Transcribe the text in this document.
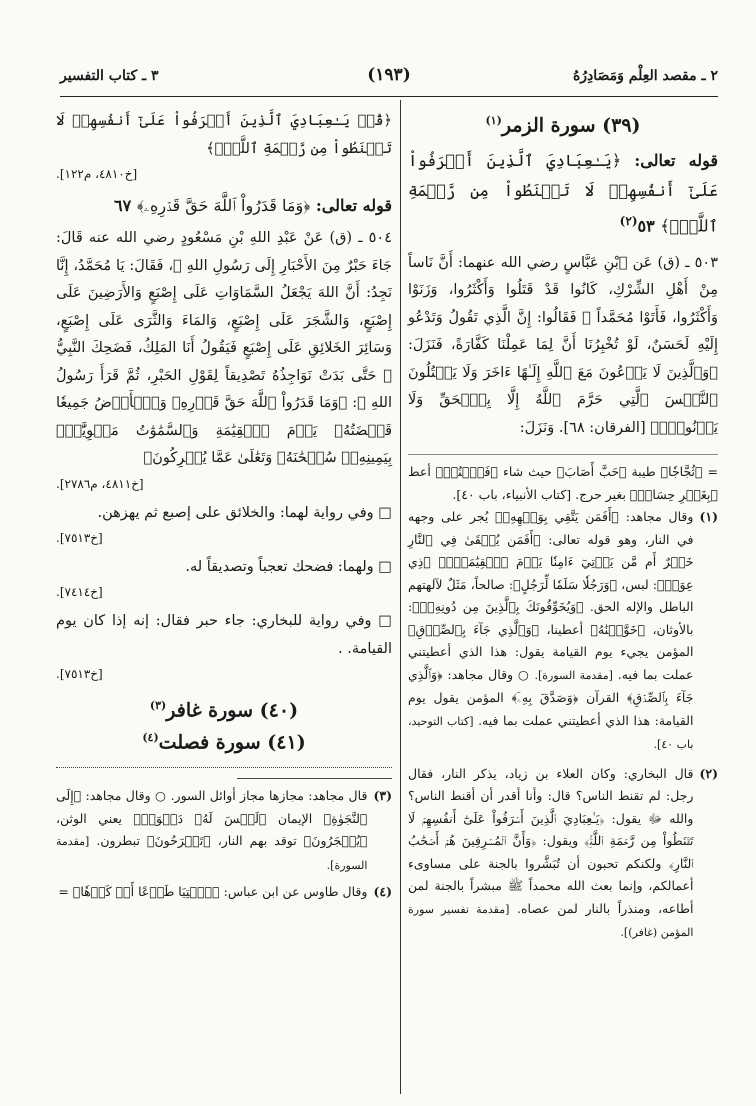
٢ ـ مقصد العِلْم وَمَصَادِرُهُ
(١٩٣)
٣ ـ كتاب التفسير
(٣٩) سورة الزمر$^{(١)}$
قوله تعالى: ﴿يَـٰعِبَادِيَ ٱلَّذِينَ أَسۡرَفُواْ عَلَىٰٓ أَنفُسِهِمۡ لَا تَقۡنَطُواْ مِن رَّحۡمَةِ ٱللَّهِۚ﴾ ٥٣$^{(٢)}$
٥٠٣ ـ (ق) عَن ٱبْنِ عَبَّاسٍ رضي الله عنهما: أَنَّ نَاساً مِنْ أَهْلِ الشِّرْكِ، كَانُوا قَدْ قَتَلُوا وَأَكْثَرُوا، وَزَنَوْا وَأَكْثَرُوا، فَأَتَوْا مُحَمَّداً ﷺ فَقَالُوا: إِنَّ الَّذِي تَقُولُ وَتَدْعُو إِلَيْهِ لَحَسَنٌ، لَوْ تُخْبِرُنَا أَنَّ لِمَا عَمِلْنَا كَفَّارَةً، فَنَزَلَ: ﴿وَٱلَّذِينَ لَا يَدۡعُونَ مَعَ ٱللَّهِ إِلَـٰهًا ءَاخَرَ وَلَا يَقۡتُلُونَ ٱلنَّفۡسَ ٱلَّتِي حَرَّمَ ٱللَّهُ إِلَّا بِٱلۡحَقِّ وَلَا يَزۡنُونَۚ﴾ [الفرقان: ٦٨]. وَنَزَلَ:
= ﴿ثُجَّاجٗا﴾ طيبة ﴿حَبَّ أَصَابَ﴾ حيث شاء ﴿فَٱمۡنُنۡ﴾ أعط ﴿بِغَيۡرِ حِسَابٖ﴾ بغير حرج. [كتاب الأنبياء، باب ٤٠].
(١)
وقال مجاهد: ﴿أَفَمَن يَتَّقِي بِوَجۡهِهِۦ﴾ يُجر على وجهه في النار، وهو قوله تعالى: ﴿أَفَمَن يُلۡقَىٰ فِي ٱلنَّارِ خَيۡرٌ أَم مَّن يَأۡتِيٓ ءَامِنٗا يَوۡمَ ٱلۡقِيَٰمَةِۚ﴾ ﴿ذِي عِوَجٖ﴾: لبس، ﴿وَرَجُلٗا سَلَمٗا لِّرَجُلٍ﴾: صالحاً، مَثَلٌ لآلهتهم الباطل والإله الحق. ﴿وَيُخَوِّفُونَكَ بِٱلَّذِينَ مِن دُونِهِۦۚ﴾: بالأوثان، ﴿خَوَّلۡنَٰهُ﴾ أعطينا، ﴿وَٱلَّذِي جَآءَ بِٱلصِّدۡقِ﴾ المؤمن يجيء يوم القيامة يقول: هذا الذي أعطيتني عملت بما فيه. [مقدمة السورة]. ○ وقال مجاهد: ﴿وَٱلَّذِي جَآءَ بِٱلصِّدۡقِ﴾ القرآن ﴿وَصَدَّقَ بِهِۦٓ﴾ المؤمن يقول يوم القيامة: هذا الذي أعطيتني عملت بما فيه. [كتاب التوحيد، باب ٤٠].
(٢)
قال البخاري: وكان العلاء بن زياد، يذكر النار، فقال رجل: لم تقنط الناس؟ قال: وأنا أقدر أن أقنط الناس؟ والله ﷻ يقول: ﴿يَـٰعِبَادِيَ ٱلَّذِينَ أَسۡرَفُواْ عَلَىٰٓ أَنفُسِهِمۡ لَا تَقۡنَطُواْ مِن رَّحۡمَةِ ٱللَّهِۚ﴾ ويقول: ﴿وَأَنَّ ٱلۡمُسۡرِفِينَ هُمۡ أَصۡحَٰبُ ٱلنَّارِ﴾ ولكنكم تحبون أن تُبَشَّروا بالجنة على مساوىء أعمالكم، وإنما بعث الله محمداً ﷺ مبشراً بالجنة لمن أطاعه، ومنذراً بالنار لمن عصاه. [مقدمة تفسير سورة المؤمن (غافر)].
﴿قُلۡ يَـٰعِبَادِيَ ٱلَّذِينَ أَسۡرَفُواْ عَلَىٰٓ أَنفُسِهِمۡ لَا تَقۡنَطُواْ مِن رَّحۡمَةِ ٱللَّهِۚ﴾
[خ٤٨١٠، م١٢٢].
قوله تعالى: ﴿وَمَا قَدَرُواْ ٱللَّهَ حَقَّ قَدۡرِهِۦ﴾ ٦٧
٥٠٤ ـ (ق) عَنْ عَبْدِ اللهِ بْنِ مَسْعُودٍ رضي الله عنه قَالَ: جَاءَ حَبْرٌ مِنَ الأَحْبَارِ إِلَى رَسُولِ اللهِ ﷺ، فَقَالَ: يَا مُحَمَّدُ، إِنَّا نَجِدُ: أَنَّ اللهَ يَجْعَلُ السَّمَاوَاتِ عَلَى إِصْبَعٍ وَالأَرَضِينَ عَلَى إِصْبَعٍ، وَالشَّجَرَ عَلَى إِصْبَعٍ، وَالمَاءَ وَالثَّرَى عَلَى إِصْبَعٍ، وَسَائِرَ الخَلائِقِ عَلَى إِصْبَعٍ فَيَقُولُ أَنَا المَلِكُ، فَضَحِكَ النَّبِيُّ ﷺ حَتَّى بَدَتْ نَوَاجِذُهُ تَصْدِيقاً لِقَوْلِ الحَبْرِ، ثُمَّ قَرَأَ رَسُولُ اللهِ ﷺ: ﴿وَمَا قَدَرُواْ ٱللَّهَ حَقَّ قَدۡرِهِۦ وَٱلۡأَرۡضُ جَمِيعٗا قَبۡضَتُهُۥ يَوۡمَ ٱلۡقِيَٰمَةِ وَٱلسَّمَٰوَٰتُ مَطۡوِيَّٰتُۢ بِيَمِينِهِۦۚ سُبۡحَٰنَهُۥ وَتَعَٰلَىٰ عَمَّا يُشۡرِكُونَ﴾
[خ٤٨١١، م٢٧٨٦].
□ وفي رواية لهما: والخلائق على إصبع ثم يهزهن.
[خ٧٥١٣].
□ ولهما: فضحك تعجباً وتصديقاً له.
[خ٧٤١٤].
□ وفي رواية للبخاري: جاء حبر فقال: إنه إذا كان يوم القيامة. .
[خ٧٥١٣].
(٤٠) سورة غافر$^{(٣)}$
(٤١) سورة فصلت$^{(٤)}$
(٣)
قال مجاهد: مجازها مجاز أوائل السور. ○ وقال مجاهد: ﴿إِلَى ٱلنَّجَوٰةِ﴾ الإيمان ﴿لَيۡسَ لَهُۥ دَعۡوَةٞ﴾ يعني الوثن، ﴿يُسۡجَرُونَ﴾ توقد بهم النار، ﴿تَمۡرَحُونَ﴾ تبطرون. [مقدمة السورة].
(٤)
وقال طاوس عن ابن عباس: ﴿ٱئۡتِيَا طَوۡعًا أَوۡ كَرۡهٗا﴾ =
